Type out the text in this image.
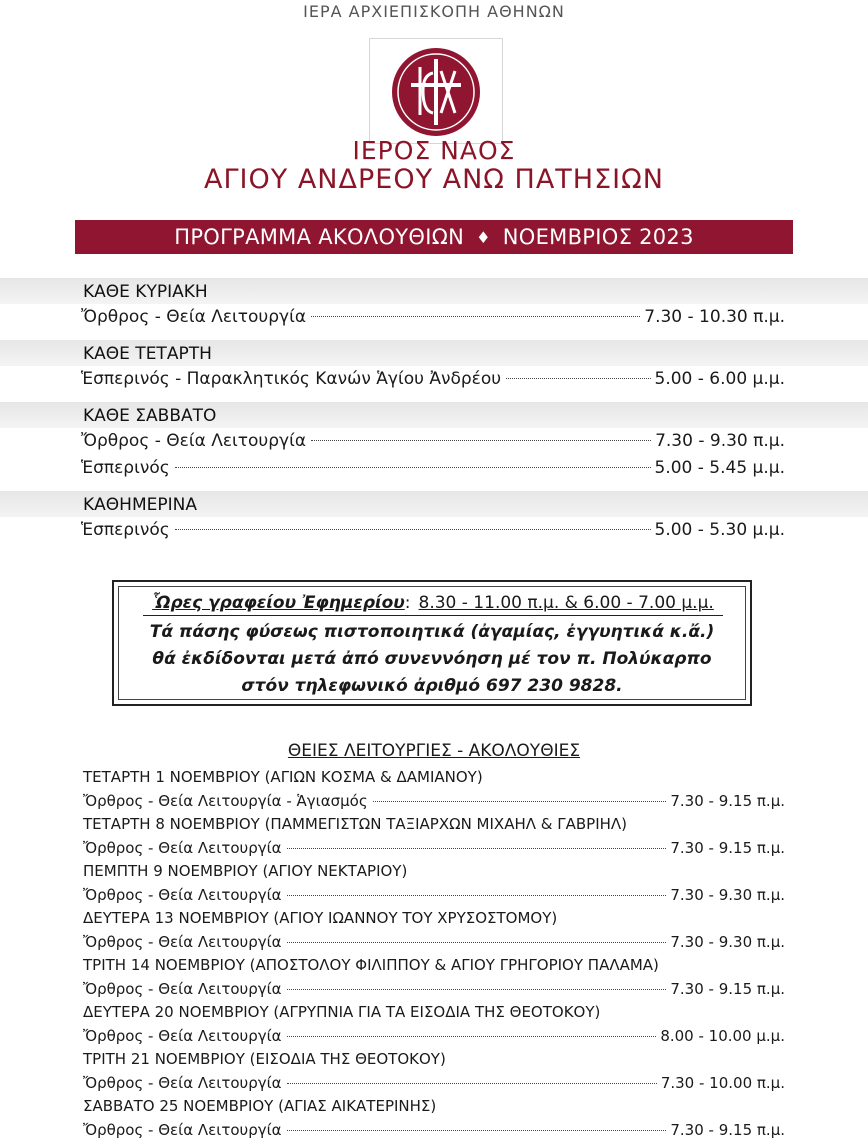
ΙΕΡΑ ΑΡΧΙΕΠΙΣΚΟΠΗ ΑΘΗΝΩΝ
ΙΕΡΟΣ ΝΑΟΣ
ΑΓΙΟΥ ΑΝΔΡΕΟΥ ΑΝΩ ΠΑΤΗΣΙΩΝ
ΠΡΟΓΡΑΜΜΑ ΑΚΟΛΟΥΘΙΩΝ ♦ ΝΟΕΜΒΡΙΟΣ 2023
ΚΑΘΕ ΚΥΡΙΑΚΗ
Ὄρθρος - Θεία Λειτουργία	7.30 - 10.30 π.μ.
ΚΑΘΕ ΤΕΤΑΡΤΗ
Ἑσπερινός - Παρακλητικός Κανών Ἁγίου Ἀνδρέου	5.00 - 6.00 μ.μ.
ΚΑΘΕ ΣΑΒΒΑΤΟ
Ὄρθρος - Θεία Λειτουργία	7.30 - 9.30 π.μ.
Ἑσπερινός	5.00 - 5.45 μ.μ.
ΚΑΘΗΜΕΡΙΝΑ
Ἑσπερινός	5.00 - 5.30 μ.μ.
Ὧρες γραφείου Ἐφημερίου: 8.30 - 11.00 π.μ. & 6.00 - 7.00 μ.μ.
Τά πάσης φύσεως πιστοποιητικά (ἀγαμίας, ἐγγυητικά κ.ἄ.)
θά ἐκδίδονται μετά ἀπό συνεννόηση μέ τον π. Πολύκαρπο
στόν τηλεφωνικό ἀριθμό 697 230 9828.
ΘΕΙΕΣ ΛΕΙΤΟΥΡΓΙΕΣ - ΑΚΟΛΟΥΘΙΕΣ
ΤΕΤΑΡΤΗ 1 ΝΟΕΜΒΡΙΟΥ (ΑΓΙΩΝ ΚΟΣΜΑ & ΔΑΜΙΑΝΟΥ)
Ὄρθρος - Θεία Λειτουργία - Ἁγιασμός	7.30 - 9.15 π.μ.
ΤΕΤΑΡΤΗ 8 ΝΟΕΜΒΡΙΟΥ (ΠΑΜΜΕΓΙΣΤΩΝ ΤΑΞΙΑΡΧΩΝ ΜΙΧΑΗΛ & ΓΑΒΡΙΗΛ)
Ὄρθρος - Θεία Λειτουργία	7.30 - 9.15 π.μ.
ΠΕΜΠΤΗ 9 ΝΟΕΜΒΡΙΟΥ (ΑΓΙΟΥ ΝΕΚΤΑΡΙΟΥ)
Ὄρθρος - Θεία Λειτουργία	7.30 - 9.30 π.μ.
ΔΕΥΤΕΡΑ 13 ΝΟΕΜΒΡΙΟΥ (ΑΓΙΟΥ ΙΩΑΝΝΟΥ ΤΟΥ ΧΡΥΣΟΣΤΟΜΟΥ)
Ὄρθρος - Θεία Λειτουργία	7.30 - 9.30 π.μ.
ΤΡΙΤΗ 14 ΝΟΕΜΒΡΙΟΥ (ΑΠΟΣΤΟΛΟΥ ΦΙΛΙΠΠΟΥ & ΑΓΙΟΥ ΓΡΗΓΟΡΙΟΥ ΠΑΛΑΜΑ)
Ὄρθρος - Θεία Λειτουργία	7.30 - 9.15 π.μ.
ΔΕΥΤΕΡΑ 20 ΝΟΕΜΒΡΙΟΥ (ΑΓΡΥΠΝΙΑ ΓΙΑ ΤΑ ΕΙΣΟΔΙΑ ΤΗΣ ΘΕΟΤΟΚΟΥ)
Ὄρθρος - Θεία Λειτουργία	8.00 - 10.00 μ.μ.
ΤΡΙΤΗ 21 ΝΟΕΜΒΡΙΟΥ (ΕΙΣΟΔΙΑ ΤΗΣ ΘΕΟΤΟΚΟΥ)
Ὄρθρος - Θεία Λειτουργία	7.30 - 10.00 π.μ.
ΣΑΒΒΑΤΟ 25 ΝΟΕΜΒΡΙΟΥ (ΑΓΙΑΣ ΑΙΚΑΤΕΡΙΝΗΣ)
Ὄρθρος - Θεία Λειτουργία	7.30 - 9.15 π.μ.
